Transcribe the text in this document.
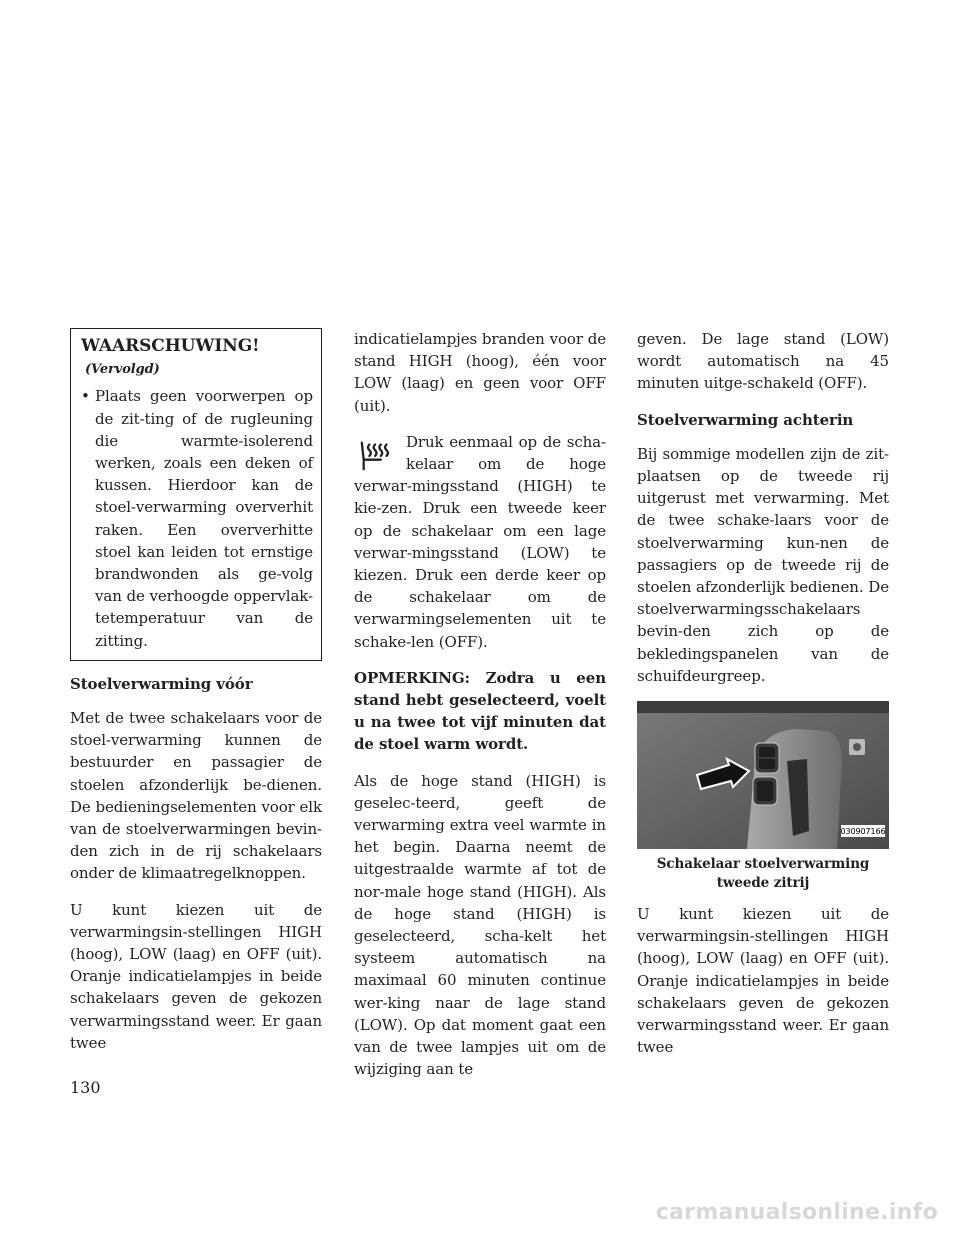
WAARSCHUWING!(Vervolgd)
• Plaats geen voorwerpen op de zit-ting of de rugleuning die warmte-isolerend werken, zoals een deken of kussen. Hierdoor kan de stoel-verwarming oververhit raken. Een oververhitte stoel kan leiden tot ernstige brandwonden als ge-volg van de verhoogde oppervlak-tetemperatuur van de zitting.

Stoelverwarming vóór

Met de twee schakelaars voor de stoel-verwarming kunnen de bestuurder en passagier de stoelen afzonderlijk be-dienen. De bedieningselementen voor elk van de stoelverwarmingen bevin-den zich in de rij schakelaars onder de klimaatregelknoppen.

U kunt kiezen uit de verwarmingsin-stellingen HIGH (hoog), LOW (laag) en OFF (uit). Oranje indicatielampjes in beide schakelaars geven de gekozen verwarmingsstand weer. Er gaan twee

indicatielampjes branden voor de stand HIGH (hoog), één voor LOW (laag) en geen voor OFF (uit).

Druk eenmaal op de scha-kelaar om de hoge verwar-mingsstand (HIGH) te kie-zen. Druk een tweede keer op de schakelaar om een lage verwar-mingsstand (LOW) te kiezen. Druk een derde keer op de schakelaar om de verwarmingselementen uit te schake-len (OFF).

OPMERKING: Zodra u een stand hebt geselecteerd, voelt u na twee tot vijf minuten dat de stoel warm wordt.

Als de hoge stand (HIGH) is geselec-teerd, geeft de verwarming extra veel warmte in het begin. Daarna neemt de uitgestraalde warmte af tot de nor-male hoge stand (HIGH). Als de hoge stand (HIGH) is geselecteerd, scha-kelt het systeem automatisch na maximaal 60 minuten continue wer-king naar de lage stand (LOW). Op dat moment gaat een van de twee lampjes uit om de wijziging aan te

geven. De lage stand (LOW) wordt automatisch na 45 minuten uitge-schakeld (OFF).

Stoelverwarming achterin

Bij sommige modellen zijn de zit-plaatsen op de tweede rij uitgerust met verwarming. Met de twee schake-laars voor de stoelverwarming kun-nen de passagiers op de tweede rij de stoelen afzonderlijk bedienen. De stoelverwarmingsschakelaars bevin-den zich op de bekledingspanelen van de schuifdeurgreep.

030907166

Schakelaar stoelverwarming tweede zitrij

U kunt kiezen uit de verwarmingsin-stellingen HIGH (hoog), LOW (laag) en OFF (uit). Oranje indicatielampjes in beide schakelaars geven de gekozen verwarmingsstand weer. Er gaan twee

130
carmanualsonline.info
